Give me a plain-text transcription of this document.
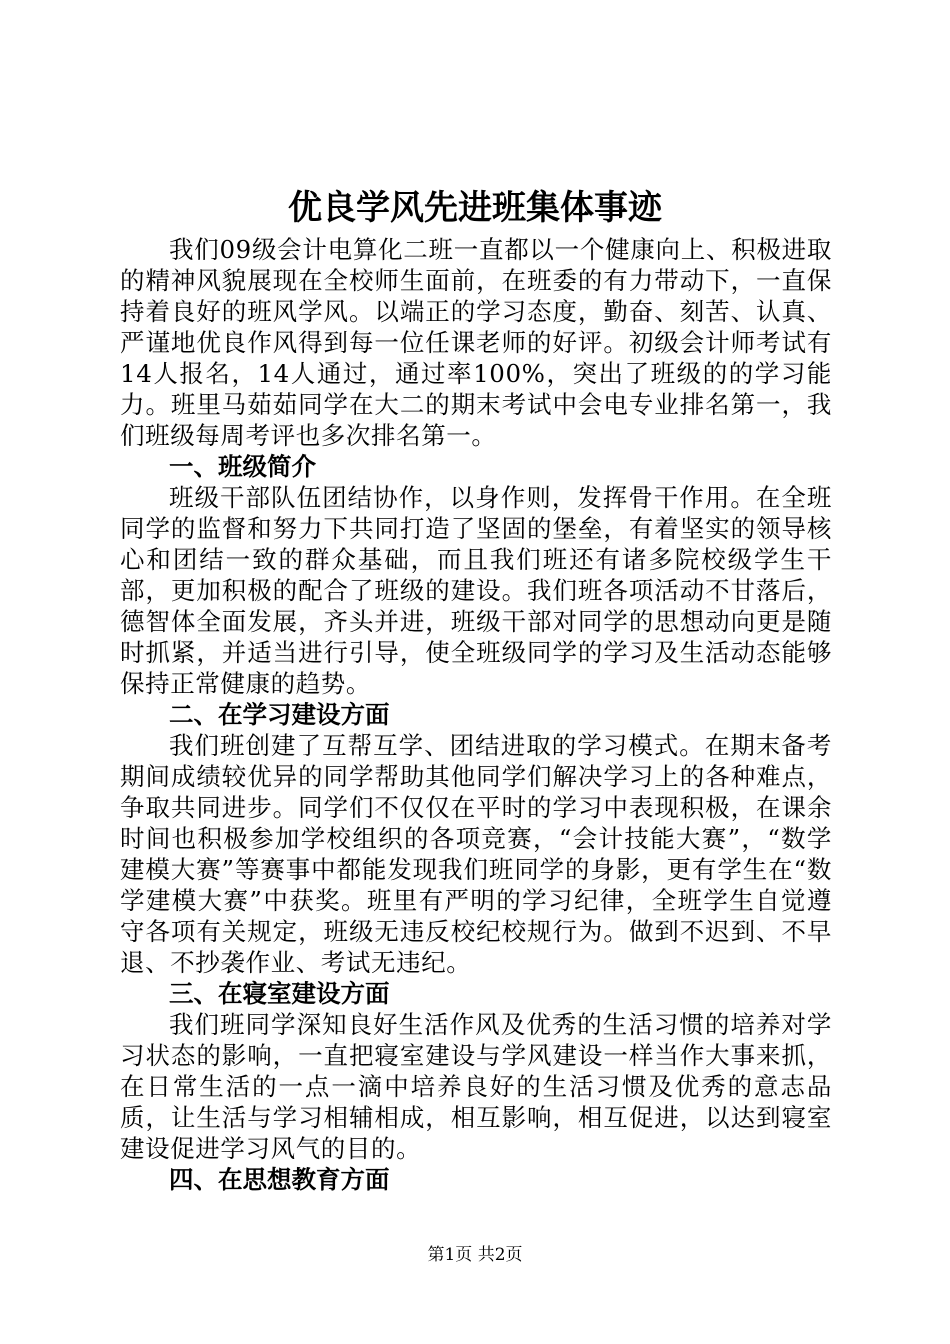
优良学风先进班集体事迹

我们09级会计电算化二班一直都以一个健康向上、积极进取的精神风貌展现在全校师生面前，在班委的有力带动下，一直保持着良好的班风学风。以端正的学习态度，勤奋、刻苦、认真、严谨地优良作风得到每一位任课老师的好评。初级会计师考试有14人报名，14人通过，通过率100%，突出了班级的的学习能力。班里马茹茹同学在大二的期末考试中会电专业排名第一，我们班级每周考评也多次排名第一。

一、班级简介

班级干部队伍团结协作，以身作则，发挥骨干作用。在全班同学的监督和努力下共同打造了坚固的堡垒，有着坚实的领导核心和团结一致的群众基础，而且我们班还有诸多院校级学生干部，更加积极的配合了班级的建设。我们班各项活动不甘落后，德智体全面发展，齐头并进，班级干部对同学的思想动向更是随时抓紧，并适当进行引导，使全班级同学的学习及生活动态能够保持正常健康的趋势。

二、在学习建设方面

我们班创建了互帮互学、团结进取的学习模式。在期末备考期间成绩较优异的同学帮助其他同学们解决学习上的各种难点，争取共同进步。同学们不仅仅在平时的学习中表现积极，在课余时间也积极参加学校组织的各项竞赛，“会计技能大赛”，“数学建模大赛”等赛事中都能发现我们班同学的身影，更有学生在“数学建模大赛”中获奖。班里有严明的学习纪律，全班学生自觉遵守各项有关规定，班级无违反校纪校规行为。做到不迟到、不早退、不抄袭作业、考试无违纪。

三、在寝室建设方面

我们班同学深知良好生活作风及优秀的生活习惯的培养对学习状态的影响，一直把寝室建设与学风建设一样当作大事来抓，在日常生活的一点一滴中培养良好的生活习惯及优秀的意志品质，让生活与学习相辅相成，相互影响，相互促进，以达到寝室建设促进学习风气的目的。

四、在思想教育方面

第1页 共2页
